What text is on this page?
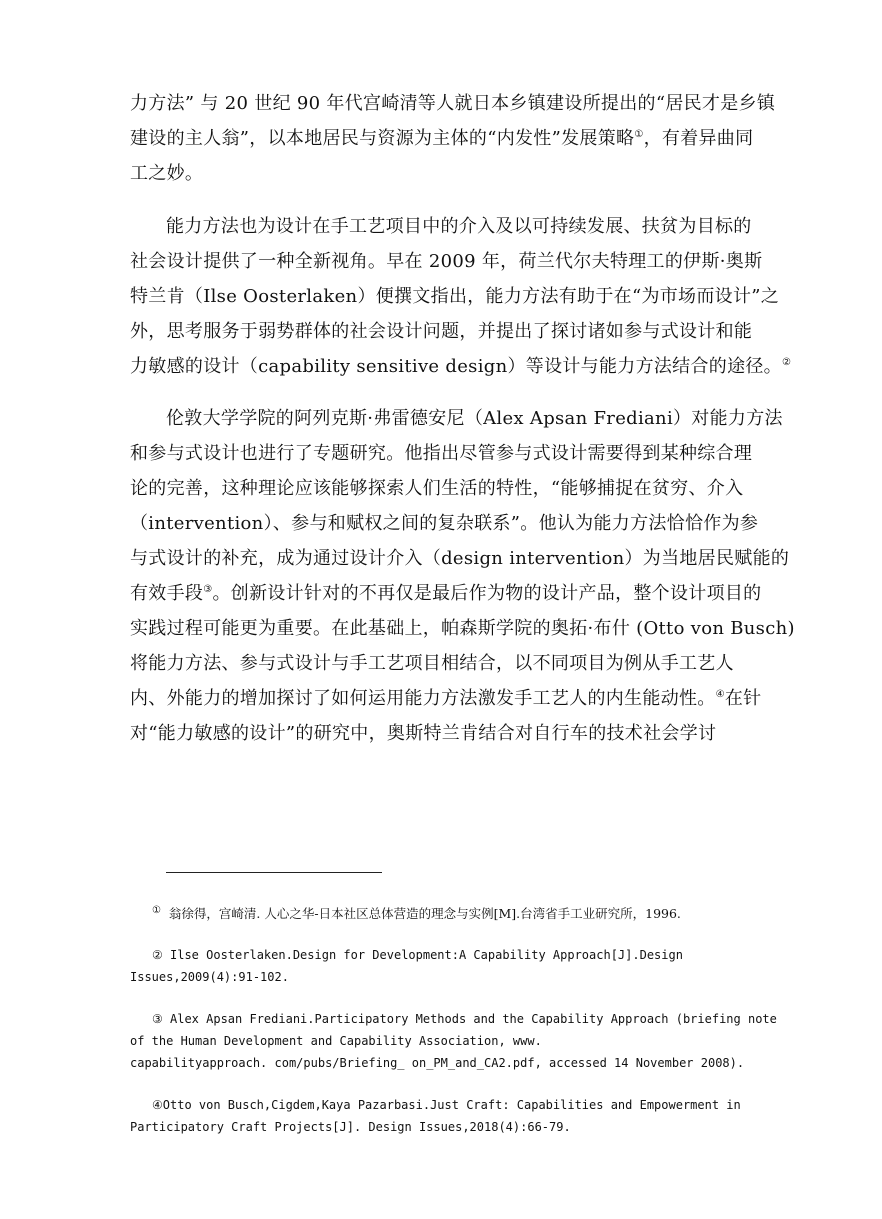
力方法” 与 20 世纪 90 年代宫崎清等人就日本乡镇建设所提出的“居民才是乡镇
建设的主人翁”，以本地居民与资源为主体的“内发性”发展策略①，有着异曲同
工之妙。

能力方法也为设计在手工艺项目中的介入及以可持续发展、扶贫为目标的
社会设计提供了一种全新视角。早在 2009 年，荷兰代尔夫特理工的伊斯·奥斯
特兰肯（Ilse Oosterlaken）便撰文指出，能力方法有助于在“为市场而设计”之
外，思考服务于弱势群体的社会设计问题，并提出了探讨诸如参与式设计和能
力敏感的设计（capability sensitive design）等设计与能力方法结合的途径。②

伦敦大学学院的阿列克斯·弗雷德安尼（Alex Apsan Frediani）对能力方法
和参与式设计也进行了专题研究。他指出尽管参与式设计需要得到某种综合理
论的完善，这种理论应该能够探索人们生活的特性，“能够捕捉在贫穷、介入
（intervention）、参与和赋权之间的复杂联系”。他认为能力方法恰恰作为参
与式设计的补充，成为通过设计介入（design intervention）为当地居民赋能的
有效手段③。创新设计针对的不再仅是最后作为物的设计产品，整个设计项目的
实践过程可能更为重要。在此基础上，帕森斯学院的奥拓·布什 (Otto von Busch)
将能力方法、参与式设计与手工艺项目相结合，以不同项目为例从手工艺人
内、外能力的增加探讨了如何运用能力方法激发手工艺人的内生能动性。④在针
对“能力敏感的设计”的研究中，奥斯特兰肯结合对自行车的技术社会学讨

① 翁徐得，宫崎清. 人心之华-日本社区总体营造的理念与实例[M].台湾省手工业研究所，1996.
② Ilse Oosterlaken.Design for Development:A Capability Approach[J].Design
Issues,2009(4):91-102.
③ Alex Apsan Frediani.Participatory Methods and the Capability Approach (briefing note
of the Human Development and Capability Association, www.
capabilityapproach. com/pubs/Briefing_ on_PM_and_CA2.pdf, accessed 14 November 2008).
④Otto von Busch,Cigdem,Kaya Pazarbasi.Just Craft: Capabilities and Empowerment in
Participatory Craft Projects[J]. Design Issues,2018(4):66-79.
